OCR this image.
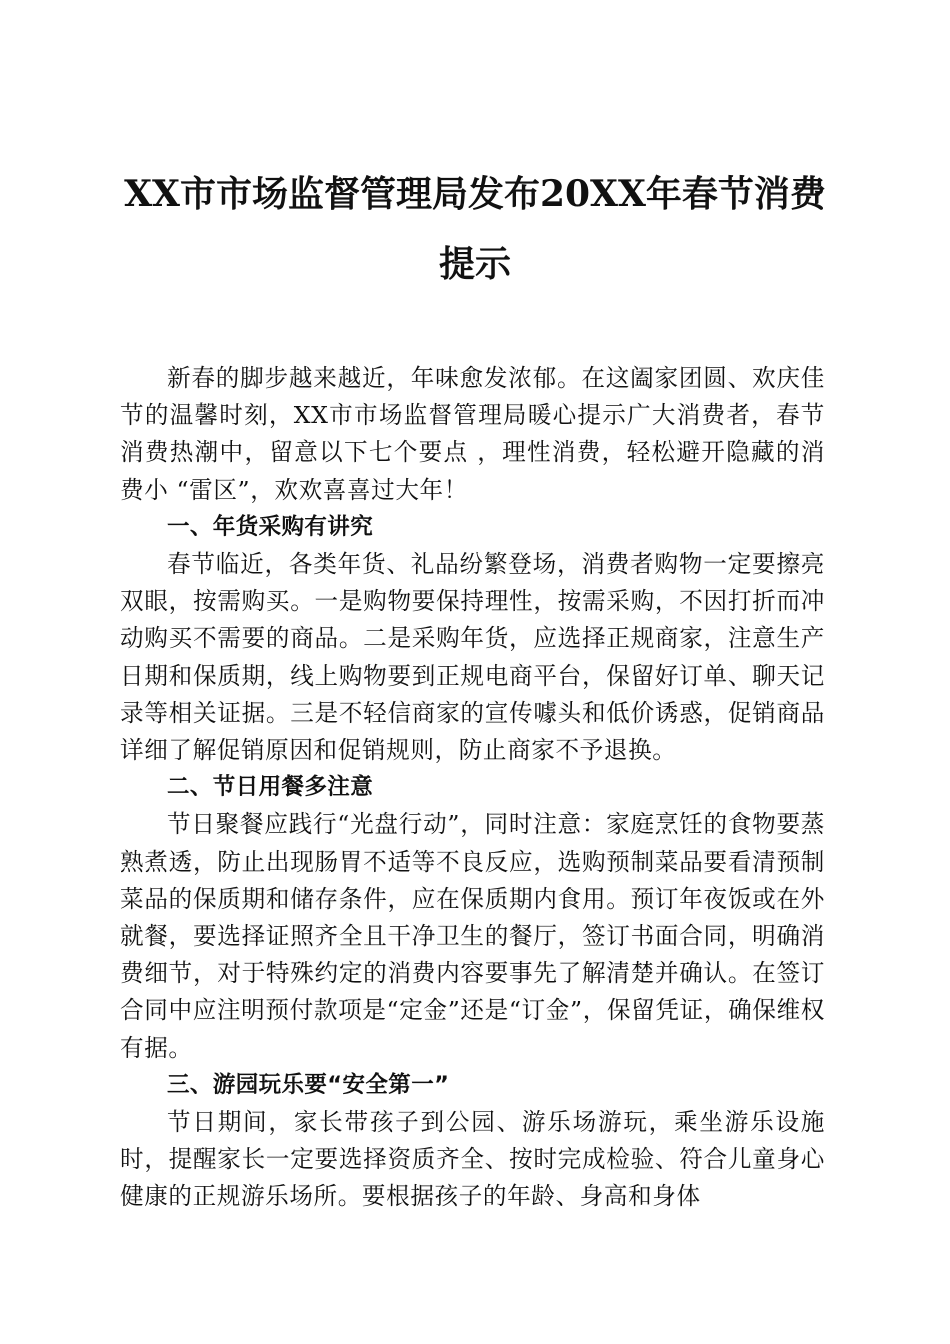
XX市市场监督管理局发布20XX年春节消费
提示

新春的脚步越来越近，年味愈发浓郁。在这阖家团圆、欢庆佳节的温馨时刻，XX市市场监督管理局暖心提示广大消费者，春节消费热潮中，留意以下七个要点 ，理性消费，轻松避开隐藏的消费小 “雷区”，欢欢喜喜过大年！

一、年货采购有讲究

春节临近，各类年货、礼品纷繁登场，消费者购物一定要擦亮双眼，按需购买。一是购物要保持理性，按需采购，不因打折而冲动购买不需要的商品。二是采购年货，应选择正规商家，注意生产日期和保质期，线上购物要到正规电商平台，保留好订单、聊天记录等相关证据。三是不轻信商家的宣传噱头和低价诱惑，促销商品详细了解促销原因和促销规则，防止商家不予退换。

二、节日用餐多注意

节日聚餐应践行“光盘行动”，同时注意：家庭烹饪的食物要蒸熟煮透，防止出现肠胃不适等不良反应，选购预制菜品要看清预制菜品的保质期和储存条件，应在保质期内食用。预订年夜饭或在外就餐，要选择证照齐全且干净卫生的餐厅，签订书面合同，明确消费细节，对于特殊约定的消费内容要事先了解清楚并确认。在签订合同中应注明预付款项是“定金”还是“订金”，保留凭证，确保维权有据。

三、游园玩乐要“安全第一”

节日期间，家长带孩子到公园、游乐场游玩，乘坐游乐设施时，提醒家长一定要选择资质齐全、按时完成检验、符合儿童身心健康的正规游乐场所。要根据孩子的年龄、身高和身体
